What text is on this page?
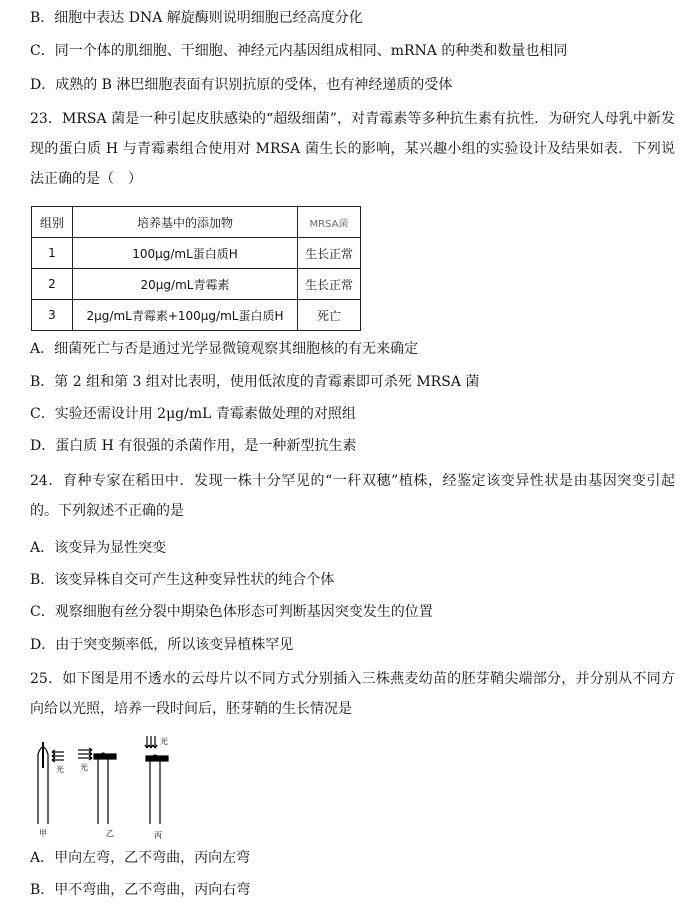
B．细胞中表达 DNA 解旋酶则说明细胞已经高度分化
C．同一个体的肌细胞、干细胞、神经元内基因组成相同、mRNA 的种类和数量也相同
D．成熟的 B 淋巴细胞表面有识别抗原的受体，也有神经递质的受体
23．MRSA 菌是一种引起皮肤感染的“超级细菌”，对青霉素等多种抗生素有抗性．为研究人母乳中新发现的蛋白质 H 与青霉素组合使用对 MRSA 菌生长的影响，某兴趣小组的实验设计及结果如表．下列说法正确的是（　）
组别	培养基中的添加物	MRSA菌
1	100μg/mL蛋白质H	生长正常
2	20μg/mL青霉素	生长正常
3	2μg/mL青霉素+100μg/mL蛋白质H	死亡
A．细菌死亡与否是通过光学显微镜观察其细胞核的有无来确定
B．第 2 组和第 3 组对比表明，使用低浓度的青霉素即可杀死 MRSA 菌
C．实验还需设计用 2μg/mL 青霉素做处理的对照组
D．蛋白质 H 有很强的杀菌作用，是一种新型抗生素
24．育种专家在稻田中．发现一株十分罕见的“一秆双穗”植株，经鉴定该变异性状是由基因突变引起的。下列叙述不正确的是
A．该变异为显性突变
B．该变异株自交可产生这种变异性状的纯合个体
C．观察细胞有丝分裂中期染色体形态可判断基因突变发生的位置
D．由于突变频率低，所以该变异植株罕见
25．如下图是用不透水的云母片以不同方式分别插入三株燕麦幼苗的胚芽鞘尖端部分，并分别从不同方向给以光照，培养一段时间后，胚芽鞘的生长情况是
光 光
光
甲	乙	丙
A．甲向左弯，乙不弯曲，丙向左弯
B．甲不弯曲，乙不弯曲，丙向右弯
